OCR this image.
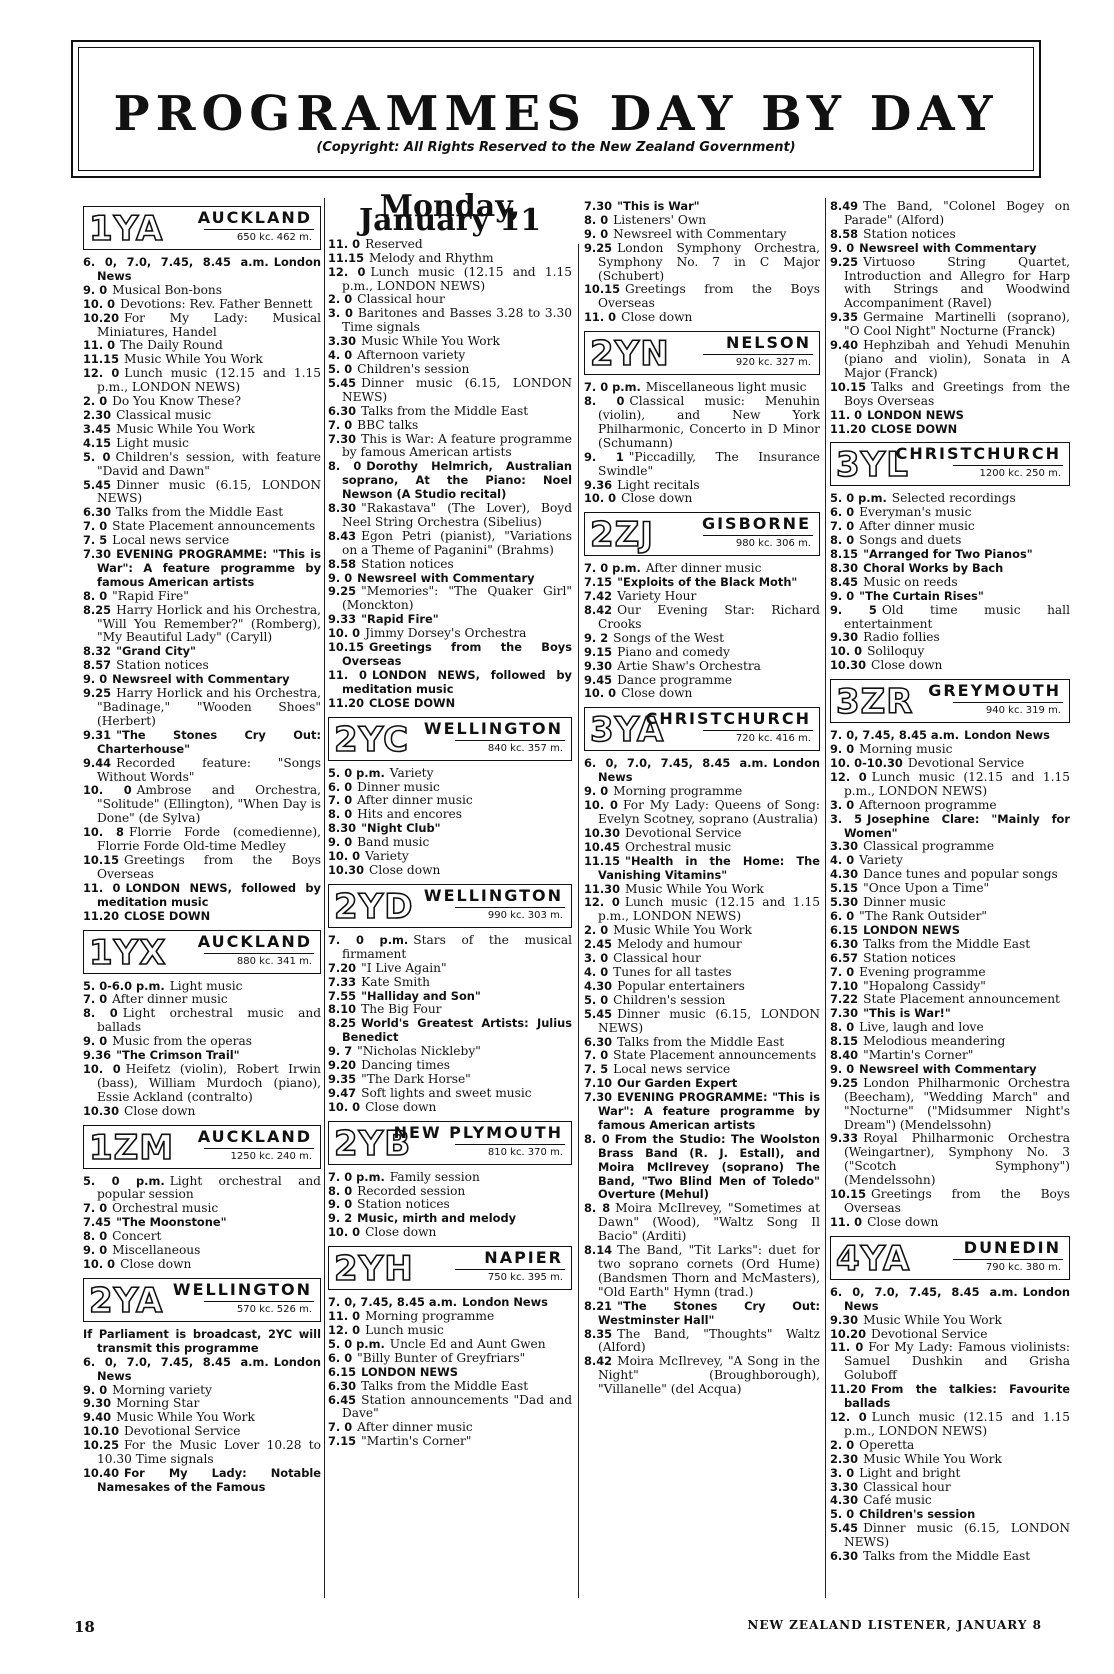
PROGRAMMES DAY BY DAY
(Copyright: All Rights Reserved to the New Zealand Government)
1YA AUCKLAND
650 kc. 462 m.

6. 0, 7.0, 7.45, 8.45 a.m. London News

9. 0 Musical Bon-bons

10. 0 Devotions: Rev. Father Bennett

10.20 For My Lady: Musical Miniatures, Handel

11. 0 The Daily Round

11.15 Music While You Work

12. 0 Lunch music (12.15 and 1.15 p.m., LONDON NEWS)

2. 0 Do You Know These?

2.30 Classical music

3.45 Music While You Work

4.15 Light music

5. 0 Children's session, with feature "David and Dawn"

5.45 Dinner music (6.15, LONDON NEWS)

6.30 Talks from the Middle East

7. 0 State Placement announcements

7. 5 Local news service

7.30 EVENING PROGRAMME: "This is War": A feature programme by famous American artists

8. 0 "Rapid Fire"

8.25 Harry Horlick and his Orchestra, "Will You Remember?" (Romberg), "My Beautiful Lady" (Caryll)

8.32 "Grand City"

8.57 Station notices

9. 0 Newsreel with Commentary

9.25 Harry Horlick and his Orchestra, "Badinage," "Wooden Shoes" (Herbert)

9.31 "The Stones Cry Out: Charterhouse"

9.44 Recorded feature: "Songs Without Words"

10. 0 Ambrose and Orchestra, "Solitude" (Ellington), "When Day is Done" (de Sylva)

10. 8 Florrie Forde (comedienne), Florrie Forde Old-time Medley

10.15 Greetings from the Boys Overseas

11. 0 LONDON NEWS, followed by meditation music

11.20 CLOSE DOWN

1YX AUCKLAND
880 kc. 341 m.

5. 0-6.0 p.m. Light music

7. 0 After dinner music

8. 0 Light orchestral music and ballads

9. 0 Music from the operas

9.36 "The Crimson Trail"

10. 0 Heifetz (violin), Robert Irwin (bass), William Murdoch (piano), Essie Ackland (contralto)

10.30 Close down

1ZM AUCKLAND
1250 kc. 240 m.

5. 0 p.m. Light orchestral and popular session

7. 0 Orchestral music

7.45 "The Moonstone"

8. 0 Concert

9. 0 Miscellaneous

10. 0 Close down

2YA WELLINGTON
570 kc. 526 m.

If Parliament is broadcast, 2YC will transmit this programme

6. 0, 7.0, 7.45, 8.45 a.m. London News

9. 0 Morning variety

9.30 Morning Star

9.40 Music While You Work

10.10 Devotional Service

10.25 For the Music Lover 10.28 to 10.30 Time signals

10.40 For My Lady: Notable Namesakes of the Famous

Monday, January 11

11. 0 Reserved

11.15 Melody and Rhythm

12. 0 Lunch music (12.15 and 1.15 p.m., LONDON NEWS)

2. 0 Classical hour

3. 0 Baritones and Basses 3.28 to 3.30 Time signals

3.30 Music While You Work

4. 0 Afternoon variety

5. 0 Children's session

5.45 Dinner music (6.15, LONDON NEWS)

6.30 Talks from the Middle East

7. 0 BBC talks

7.30 This is War: A feature programme by famous American artists

8. 0 Dorothy Helmrich, Australian soprano, At the Piano: Noel Newson (A Studio recital)

8.30 "Rakastava" (The Lover), Boyd Neel String Orchestra (Sibelius)

8.43 Egon Petri (pianist), "Variations on a Theme of Paganini" (Brahms)

8.58 Station notices

9. 0 Newsreel with Commentary

9.25 "Memories": "The Quaker Girl" (Monckton)

9.33 "Rapid Fire"

10. 0 Jimmy Dorsey's Orchestra

10.15 Greetings from the Boys Overseas

11. 0 LONDON NEWS, followed by meditation music

11.20 CLOSE DOWN

2YC WELLINGTON
840 kc. 357 m.

5. 0 p.m. Variety

6. 0 Dinner music

7. 0 After dinner music

8. 0 Hits and encores

8.30 "Night Club"

9. 0 Band music

10. 0 Variety

10.30 Close down

2YD WELLINGTON
990 kc. 303 m.

7. 0 p.m. Stars of the musical firmament

7.20 "I Live Again"

7.33 Kate Smith

7.55 "Halliday and Son"

8.10 The Big Four

8.25 World's Greatest Artists: Julius Benedict

9. 7 "Nicholas Nickleby"

9.20 Dancing times

9.35 "The Dark Horse"

9.47 Soft lights and sweet music

10. 0 Close down

2YB
NEW PLYMOUTH
810 kc. 370 m.

7. 0 p.m. Family session

8. 0 Recorded session

9. 0 Station notices

9. 2 Music, mirth and melody

10. 0 Close down

2YH	NAPIER
750 kc. 395 m.

7. 0, 7.45, 8.45 a.m. London News

11. 0 Morning programme

12. 0 Lunch music

5. 0 p.m. Uncle Ed and Aunt Gwen

6. 0 "Billy Bunter of Greyfriars"

6.15 LONDON NEWS

6.30 Talks from the Middle East

6.45 Station announcements "Dad and Dave"

7. 0 After dinner music

7.15 "Martin's Corner"

7.30 "This is War"

8. 0 Listeners' Own

9. 0 Newsreel with Commentary

9.25 London Symphony Orchestra, Symphony No. 7 in C Major (Schubert)

10.15 Greetings from the Boys Overseas

11. 0 Close down

2YN	NELSON
920 kc. 327 m.

7. 0 p.m. Miscellaneous light music

8. 0 Classical music: Menuhin (violin), and New York Philharmonic, Concerto in D Minor (Schumann)

9. 1 "Piccadilly, The Insurance Swindle"

9.36 Light recitals

10. 0 Close down

2ZJ	GISBORNE
980 kc. 306 m.

7. 0 p.m. After dinner music

7.15 "Exploits of the Black Moth"

7.42 Variety Hour

8.42 Our Evening Star: Richard Crooks

9. 2 Songs of the West

9.15 Piano and comedy

9.30 Artie Shaw's Orchestra

9.45 Dance programme

10. 0 Close down

3YA
CHRISTCHURCH
720 kc. 416 m.

6. 0, 7.0, 7.45, 8.45 a.m. London News

9. 0 Morning programme

10. 0 For My Lady: Queens of Song: Evelyn Scotney, soprano (Australia)

10.30 Devotional Service

10.45 Orchestral music

11.15 "Health in the Home: The Vanishing Vitamins"

11.30 Music While You Work

12. 0 Lunch music (12.15 and 1.15 p.m., LONDON NEWS)

2. 0 Music While You Work

2.45 Melody and humour

3. 0 Classical hour

4. 0 Tunes for all tastes

4.30 Popular entertainers

5. 0 Children's session

5.45 Dinner music (6.15, LONDON NEWS)

6.30 Talks from the Middle East

7. 0 State Placement announcements

7. 5 Local news service

7.10 Our Garden Expert

7.30 EVENING PROGRAMME: "This is War": A feature programme by famous American artists

8. 0 From the Studio: The Woolston Brass Band (R. J. Estall), and Moira McIlrevey (soprano) The Band, "Two Blind Men of Toledo" Overture (Mehul)

8. 8 Moira McIlrevey, "Sometimes at Dawn" (Wood), "Waltz Song Il Bacio" (Arditi)

8.14 The Band, "Tit Larks": duet for two soprano cornets (Ord Hume) (Bandsmen Thorn and McMasters), "Old Earth" Hymn (trad.)

8.21 "The Stones Cry Out: Westminster Hall"

8.35 The Band, "Thoughts" Waltz (Alford)

8.42 Moira McIlrevey, "A Song in the Night" (Broughborough), "Villanelle" (del Acqua)

8.49 The Band, "Colonel Bogey on Parade" (Alford)

8.58 Station notices

9. 0 Newsreel with Commentary

9.25 Virtuoso String Quartet, Introduction and Allegro for Harp with Strings and Woodwind Accompaniment (Ravel)

9.35 Germaine Martinelli (soprano), "O Cool Night" Nocturne (Franck)

9.40 Hephzibah and Yehudi Menuhin (piano and violin), Sonata in A Major (Franck)

10.15 Talks and Greetings from the Boys Overseas

11. 0 LONDON NEWS

11.20 CLOSE DOWN

3YL
CHRISTCHURCH
1200 kc. 250 m.

5. 0 p.m. Selected recordings

6. 0 Everyman's music

7. 0 After dinner music

8. 0 Songs and duets

8.15 "Arranged for Two Pianos"

8.30 Choral Works by Bach

8.45 Music on reeds

9. 0 "The Curtain Rises"

9. 5 Old time music hall entertainment

9.30 Radio follies

10. 0 Soliloquy

10.30 Close down

3ZR GREYMOUTH
940 kc. 319 m.

7. 0, 7.45, 8.45 a.m. London News

9. 0 Morning music

10. 0-10.30 Devotional Service

12. 0 Lunch music (12.15 and 1.15 p.m., LONDON NEWS)

3. 0 Afternoon programme

3. 5 Josephine Clare: "Mainly for Women"

3.30 Classical programme

4. 0 Variety

4.30 Dance tunes and popular songs

5.15 "Once Upon a Time"

5.30 Dinner music

6. 0 "The Rank Outsider"

6.15 LONDON NEWS

6.30 Talks from the Middle East

6.57 Station notices

7. 0 Evening programme

7.10 "Hopalong Cassidy"

7.22 State Placement announcement

7.30 "This is War!"

8. 0 Live, laugh and love

8.15 Melodious meandering

8.40 "Martin's Corner"

9. 0 Newsreel with Commentary

9.25 London Philharmonic Orchestra (Beecham), "Wedding March" and "Nocturne" ("Midsummer Night's Dream") (Mendelssohn)

9.33 Royal Philharmonic Orchestra (Weingartner), Symphony No. 3 ("Scotch Symphony") (Mendelssohn)

10.15 Greetings from the Boys Overseas

11. 0 Close down

4YA	DUNEDIN
790 kc. 380 m.

6. 0, 7.0, 7.45, 8.45 a.m. London News

9.30 Music While You Work

10.20 Devotional Service

11. 0 For My Lady: Famous violinists: Samuel Dushkin and Grisha Goluboff

11.20 From the talkies: Favourite ballads

12. 0 Lunch music (12.15 and 1.15 p.m., LONDON NEWS)

2. 0 Operetta

2.30 Music While You Work

3. 0 Light and bright

3.30 Classical hour

4.30 Café music

5. 0 Children's session

5.45 Dinner music (6.15, LONDON NEWS)

6.30 Talks from the Middle East

18	NEW ZEALAND LISTENER, JANUARY 8
